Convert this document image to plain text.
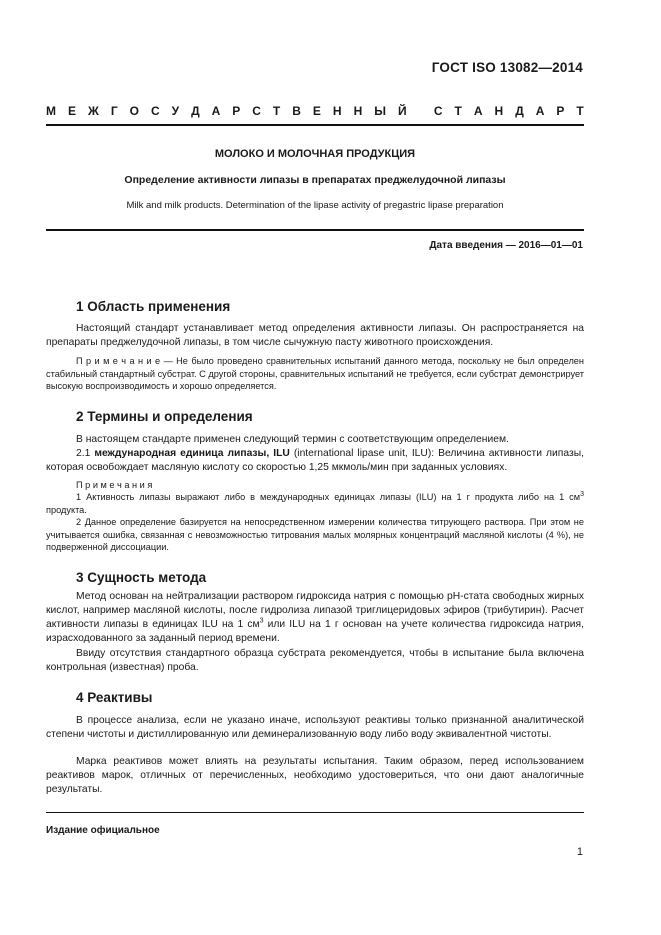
ГОСТ ISO 13082—2014
М Е Ж Г О С У Д А Р С Т В Е Н Н Ы Й
С Т А Н Д А Р Т
МОЛОКО И МОЛОЧНАЯ ПРОДУКЦИЯ
Определение активности липазы в препаратах преджелудочной липазы
Milk and milk products. Determination of the lipase activity of pregastric lipase preparation
Дата введения — 2016—01—01
1 Область применения
Настоящий стандарт устанавливает метод определения активности липазы. Он распространяется на препараты преджелудочной липазы, в том числе сычужную пасту животного происхождения.
П р и м е ч а н и е — Не было проведено сравнительных испытаний данного метода, поскольку не был определен стабильный стандартный субстрат. С другой стороны, сравнительных испытаний не требуется, если субстрат демонстрирует высокую воспроизводимость и хорошо определяется.
2 Термины и определения
В настоящем стандарте применен следующий термин с соответствующим определением.
2.1 международная единица липазы, ILU (international lipase unit, ILU): Величина активности липазы, которая освобождает масляную кислоту со скоростью 1,25 мкмоль/мин при заданных условиях.
П р и м е ч а н и я
1 Активность липазы выражают либо в международных единицах липазы (ILU) на 1 г продукта либо на 1 $см^3$ продукта.
2 Данное определение базируется на непосредственном измерении количества титрующего раствора. При этом не учитывается ошибка, связанная с невозможностью титрования малых молярных концентраций масляной кислоты (4 %), не подверженной диссоциации.
3 Сущность метода
Метод основан на нейтрализации раствором гидроксида натрия с помощью pH-стата свободных жирных кислот, например масляной кислоты, после гидролиза липазой триглицеридовых эфиров (трибутирин). Расчет активности липазы в единицах ILU на 1 $см^3$ или ILU на 1 г основан на учете количества гидроксида натрия, израсходованного за заданный период времени.
Ввиду отсутствия стандартного образца субстрата рекомендуется, чтобы в испытание была включена контрольная (известная) проба.
4 Реактивы
В процессе анализа, если не указано иначе, используют реактивы только признанной аналитической степени чистоты и дистиллированную или деминерализованную воду либо воду эквивалентной чистоты.
Марка реактивов может влиять на результаты испытания. Таким образом, перед использованием реактивов марок, отличных от перечисленных, необходимо удостовериться, что они дают аналогичные результаты.
Издание официальное
1
